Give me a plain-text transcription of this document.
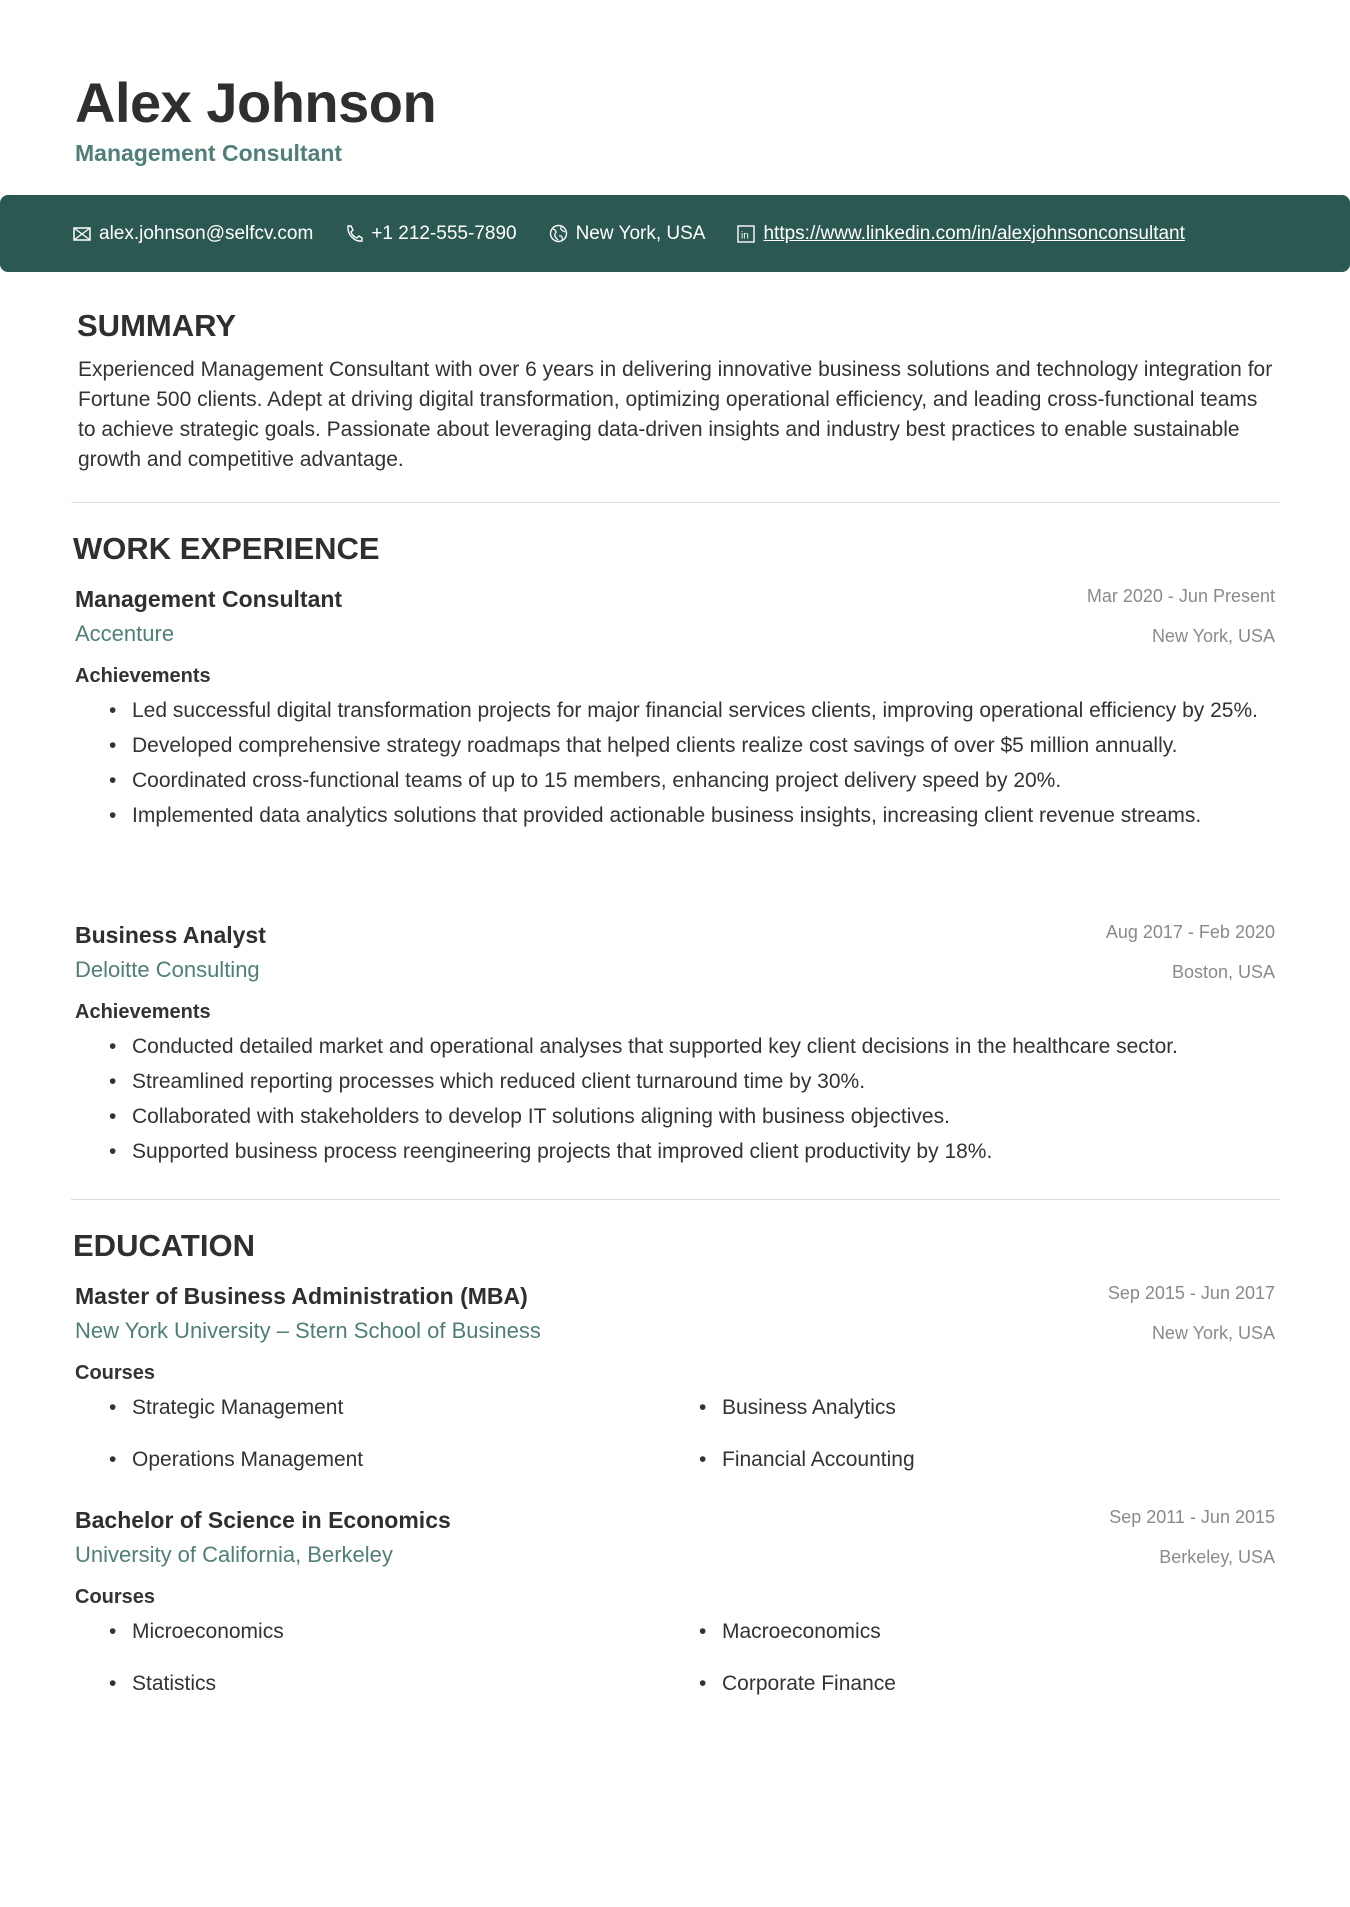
Alex Johnson
Management Consultant
alex.johnson@selfcv.com	+1 212-555-7890	New York, USA	in https://www.linkedin.com/in/alexjohnsonconsultant
SUMMARY
Experienced Management Consultant with over 6 years in delivering innovative business solutions and technology integration for Fortune 500 clients. Adept at driving digital transformation, optimizing operational efficiency, and leading cross-functional teams to achieve strategic goals. Passionate about leveraging data-driven insights and industry best practices to enable sustainable growth and competitive advantage.
WORK EXPERIENCE
Management Consultant
Accenture
Mar 2020 - Jun Present
New York, USA
Achievements
• Led successful digital transformation projects for major financial services clients, improving operational efficiency by 25%.
• Developed comprehensive strategy roadmaps that helped clients realize cost savings of over $5 million annually.
• Coordinated cross-functional teams of up to 15 members, enhancing project delivery speed by 20%.
• Implemented data analytics solutions that provided actionable business insights, increasing client revenue streams.
Business Analyst
Deloitte Consulting
Aug 2017 - Feb 2020
Boston, USA
Achievements
• Conducted detailed market and operational analyses that supported key client decisions in the healthcare sector.
• Streamlined reporting processes which reduced client turnaround time by 30%.
• Collaborated with stakeholders to develop IT solutions aligning with business objectives.
• Supported business process reengineering projects that improved client productivity by 18%.
EDUCATION
Master of Business Administration (MBA)
New York University – Stern School of Business
Sep 2015 - Jun 2017
New York, USA
Courses
• Strategic Management	• Business Analytics
• Operations Management	• Financial Accounting
Bachelor of Science in Economics
University of California, Berkeley
Sep 2011 - Jun 2015
Berkeley, USA
Courses
• Microeconomics	• Macroeconomics
• Statistics	• Corporate Finance
